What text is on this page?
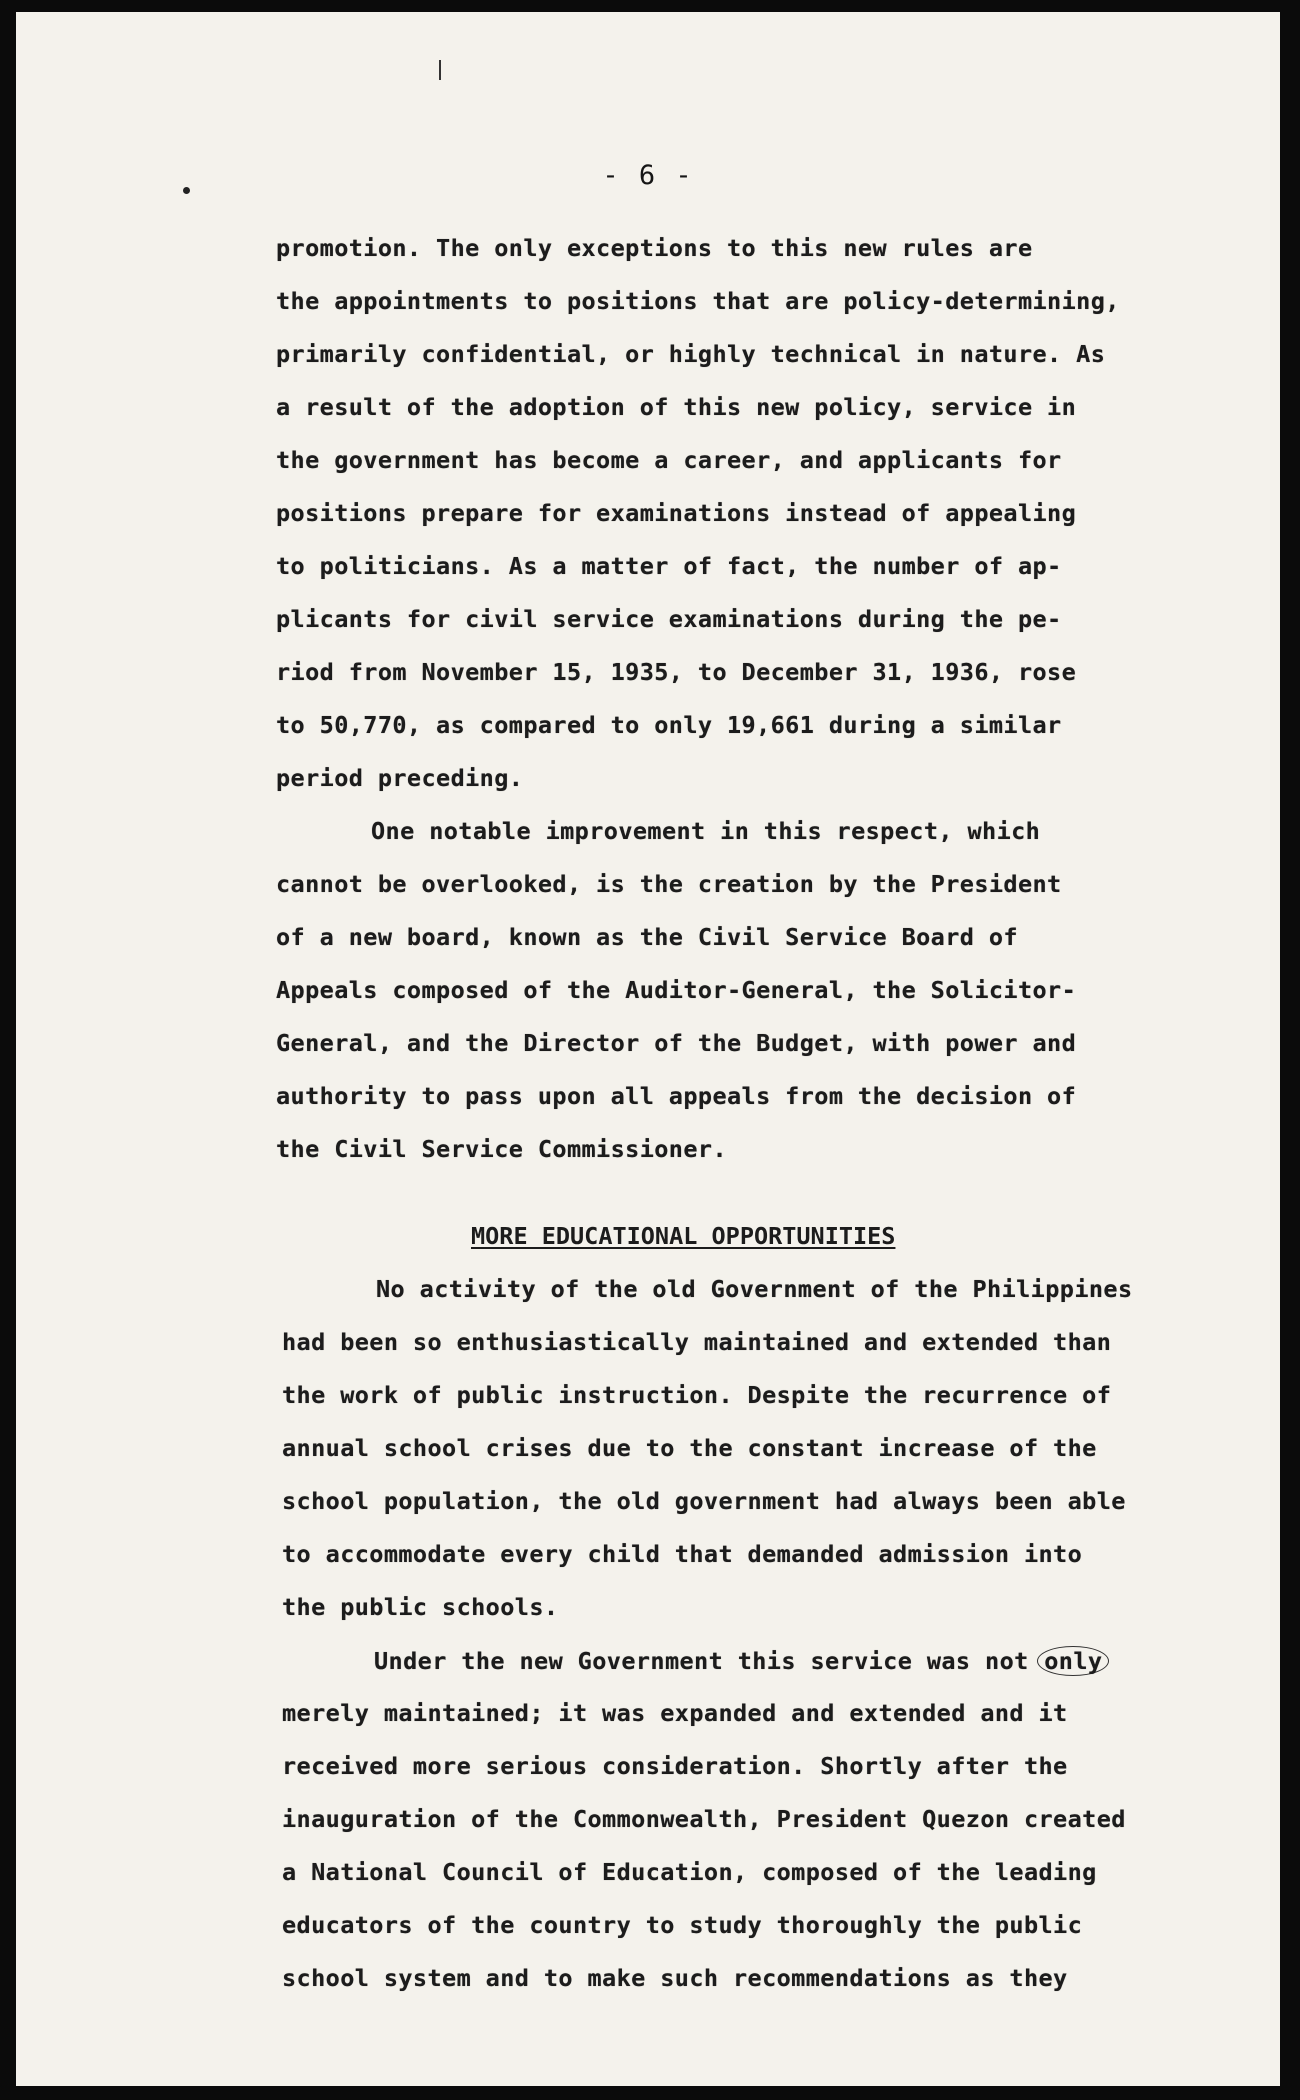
- 6 -
promotion. The only exceptions to this new rules are
the appointments to positions that are policy-determining,
primarily confidential, or highly technical in nature. As
a result of the adoption of this new policy, service in
the government has become a career, and applicants for
positions prepare for examinations instead of appealing
to politicians. As a matter of fact, the number of ap-
plicants for civil service examinations during the pe-
riod from November 15, 1935, to December 31, 1936, rose
to 50,770, as compared to only 19,661 during a similar
period preceding.
One notable improvement in this respect, which
cannot be overlooked, is the creation by the President
of a new board, known as the Civil Service Board of
Appeals composed of the Auditor-General, the Solicitor-
General, and the Director of the Budget, with power and
authority to pass upon all appeals from the decision of
the Civil Service Commissioner.
MORE EDUCATIONAL OPPORTUNITIES
No activity of the old Government of the Philippines
had been so enthusiastically maintained and extended than
the work of public instruction. Despite the recurrence of
annual school crises due to the constant increase of the
school population, the old government had always been able
to accommodate every child that demanded admission into
the public schools.
Under the new Government this service was not only
merely maintained; it was expanded and extended and it
received more serious consideration. Shortly after the
inauguration of the Commonwealth, President Quezon created
a National Council of Education, composed of the leading
educators of the country to study thoroughly the public
school system and to make such recommendations as they
